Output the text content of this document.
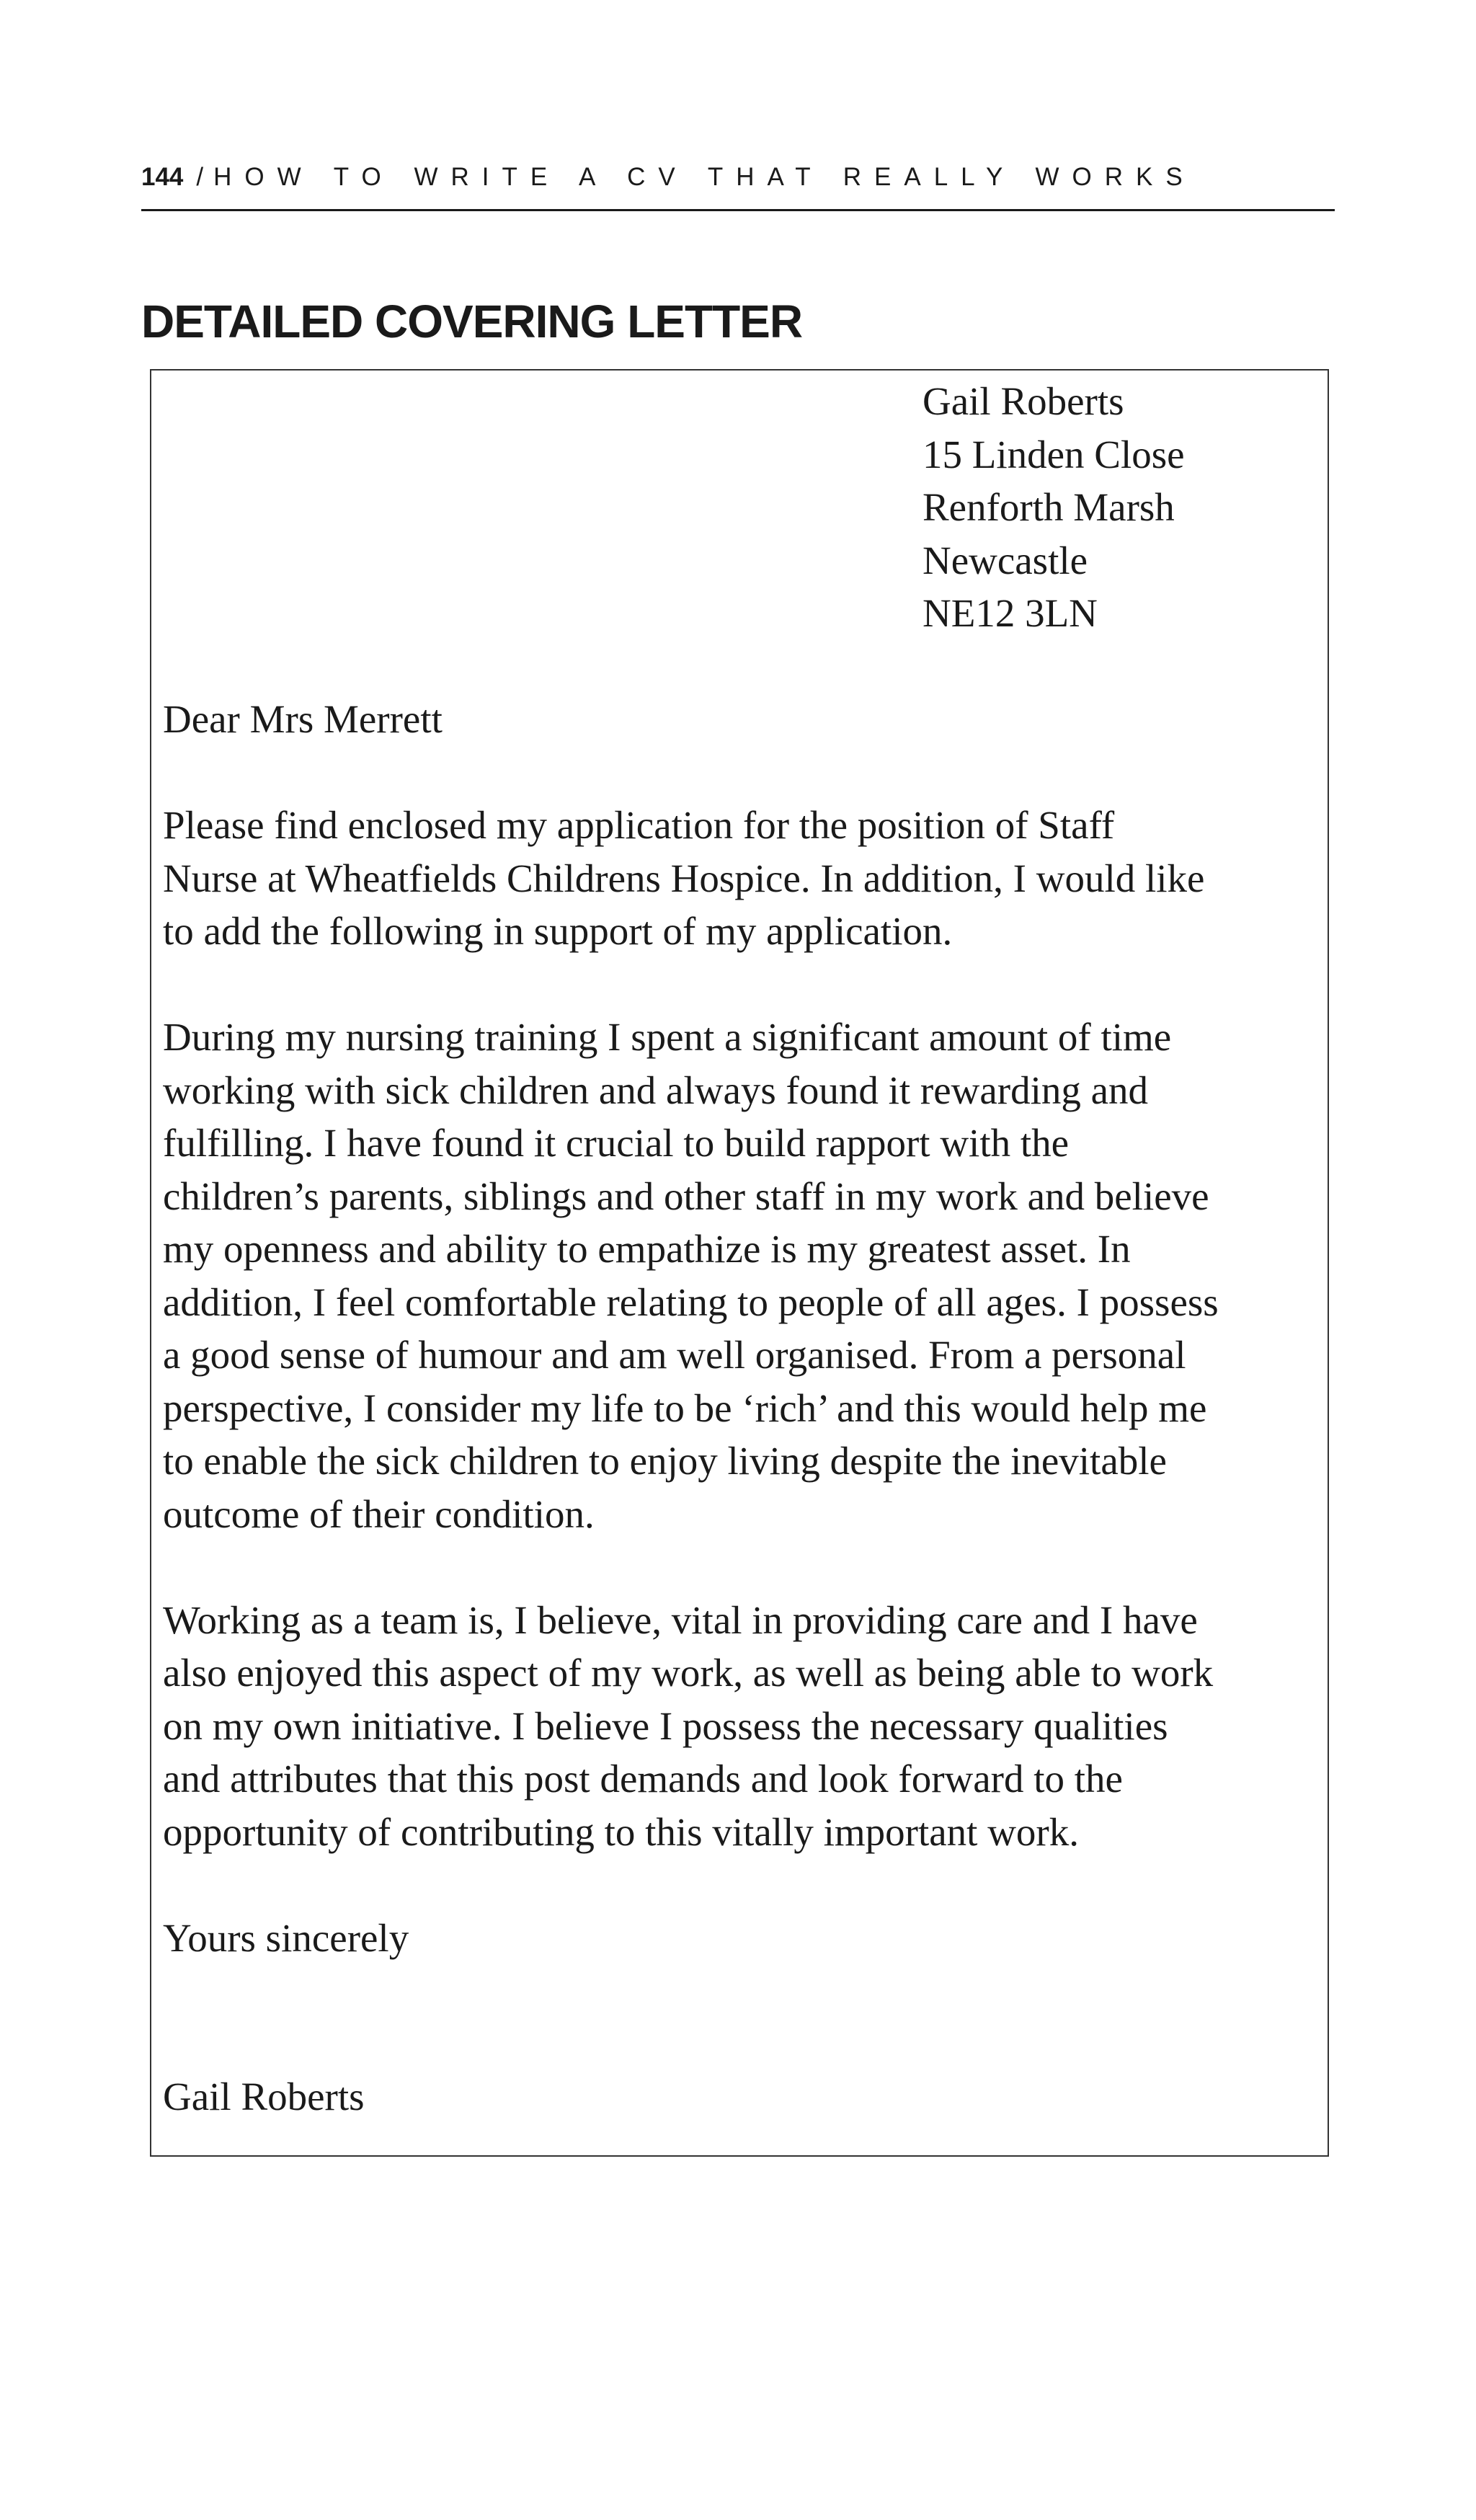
144 / HOW TO WRITE A CV THAT REALLY WORKS
DETAILED COVERING LETTER
Gail Roberts
15 Linden Close
Renforth Marsh
Newcastle
NE12 3LN

Dear Mrs Merrett

Please find enclosed my application for the position of Staff
Nurse at Wheatfields Childrens Hospice. In addition, I would like
to add the following in support of my application.

During my nursing training I spent a significant amount of time
working with sick children and always found it rewarding and
fulfilling. I have found it crucial to build rapport with the
children’s parents, siblings and other staff in my work and believe
my openness and ability to empathize is my greatest asset. In
addition, I feel comfortable relating to people of all ages. I possess
a good sense of humour and am well organised. From a personal
perspective, I consider my life to be ‘rich’ and this would help me
to enable the sick children to enjoy living despite the inevitable
outcome of their condition.

Working as a team is, I believe, vital in providing care and I have
also enjoyed this aspect of my work, as well as being able to work
on my own initiative. I believe I possess the necessary qualities
and attributes that this post demands and look forward to the
opportunity of contributing to this vitally important work.

Yours sincerely

Gail Roberts
